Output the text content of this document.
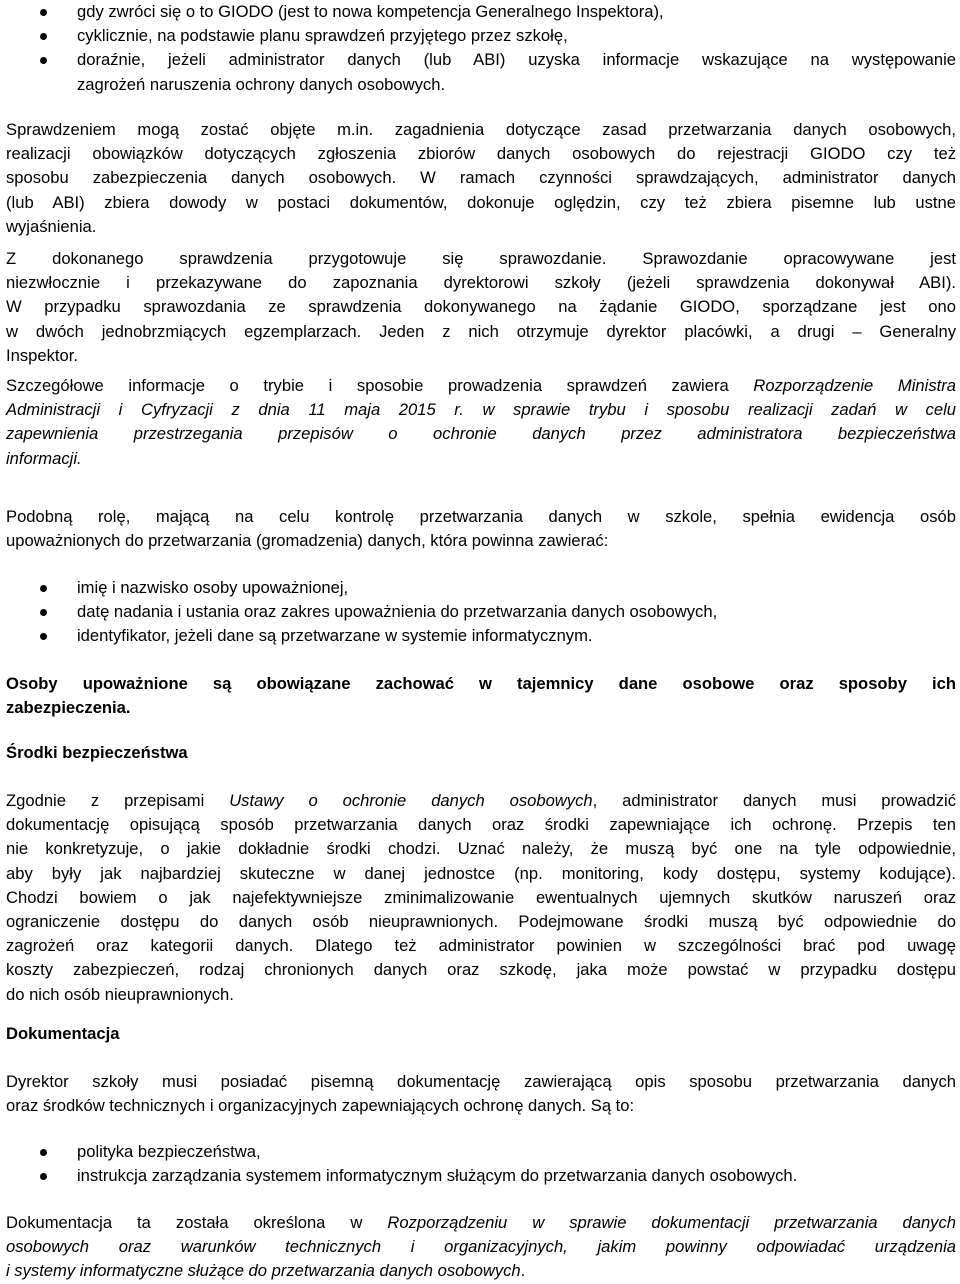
gdy zwróci się o to GIODO (jest to nowa kompetencja Generalnego Inspektora),
cyklicznie, na podstawie planu sprawdzeń przyjętego przez szkołę,

doraźnie, jeżeli administrator danych (lub ABI) uzyska informacje wskazujące na występowanie

zagrożeń naruszenia ochrony danych osobowych.

Sprawdzeniem mogą zostać objęte m.in. zagadnienia dotyczące zasad przetwarzania danych osobowych,

realizacji obowiązków dotyczących zgłoszenia zbiorów danych osobowych do rejestracji GIODO czy też

sposobu zabezpieczenia danych osobowych. W ramach czynności sprawdzających, administrator danych

(lub ABI) zbiera dowody w postaci dokumentów, dokonuje oględzin, czy też zbiera pisemne lub ustne

wyjaśnienia.

Z dokonanego sprawdzenia przygotowuje się sprawozdanie. Sprawozdanie opracowywane jest

niezwłocznie i przekazywane do zapoznania dyrektorowi szkoły (jeżeli sprawdzenia dokonywał ABI).

W przypadku sprawozdania ze sprawdzenia dokonywanego na żądanie GIODO, sporządzane jest ono

w dwóch jednobrzmiących egzemplarzach. Jeden z nich otrzymuje dyrektor placówki, a drugi – Generalny

Inspektor.

Szczegółowe informacje o trybie i sposobie prowadzenia sprawdzeń zawiera Rozporządzenie Ministra

Administracji i Cyfryzacji z dnia 11 maja 2015 r. w sprawie trybu i sposobu realizacji zadań w celu

zapewnienia przestrzegania przepisów o ochronie danych przez administratora bezpieczeństwa

informacji.

Podobną rolę, mającą na celu kontrolę przetwarzania danych w szkole, spełnia ewidencja osób

upoważnionych do przetwarzania (gromadzenia) danych, która powinna zawierać:

imię i nazwisko osoby upoważnionej,
datę nadania i ustania oraz zakres upoważnienia do przetwarzania danych osobowych,
identyfikator, jeżeli dane są przetwarzane w systemie informatycznym.

Osoby upoważnione są obowiązane zachować w tajemnicy dane osobowe oraz sposoby ich

zabezpieczenia.

Środki bezpieczeństwa

Zgodnie z przepisami Ustawy o ochronie danych osobowych, administrator danych musi prowadzić

dokumentację opisującą sposób przetwarzania danych oraz środki zapewniające ich ochronę. Przepis ten

nie konkretyzuje, o jakie dokładnie środki chodzi. Uznać należy, że muszą być one na tyle odpowiednie,

aby były jak najbardziej skuteczne w danej jednostce (np. monitoring, kody dostępu, systemy kodujące).

Chodzi bowiem o jak najefektywniejsze zminimalizowanie ewentualnych ujemnych skutków naruszeń oraz

ograniczenie dostępu do danych osób nieuprawnionych. Podejmowane środki muszą być odpowiednie do

zagrożeń oraz kategorii danych. Dlatego też administrator powinien w szczególności brać pod uwagę

koszty zabezpieczeń, rodzaj chronionych danych oraz szkodę, jaka może powstać w przypadku dostępu

do nich osób nieuprawnionych.

Dokumentacja

Dyrektor szkoły musi posiadać pisemną dokumentację zawierającą opis sposobu przetwarzania danych

oraz środków technicznych i organizacyjnych zapewniających ochronę danych. Są to:

polityka bezpieczeństwa,
instrukcja zarządzania systemem informatycznym służącym do przetwarzania danych osobowych.

Dokumentacja ta została określona w Rozporządzeniu w sprawie dokumentacji przetwarzania danych

osobowych oraz warunków technicznych i organizacyjnych, jakim powinny odpowiadać urządzenia

i systemy informatyczne służące do przetwarzania danych osobowych.
